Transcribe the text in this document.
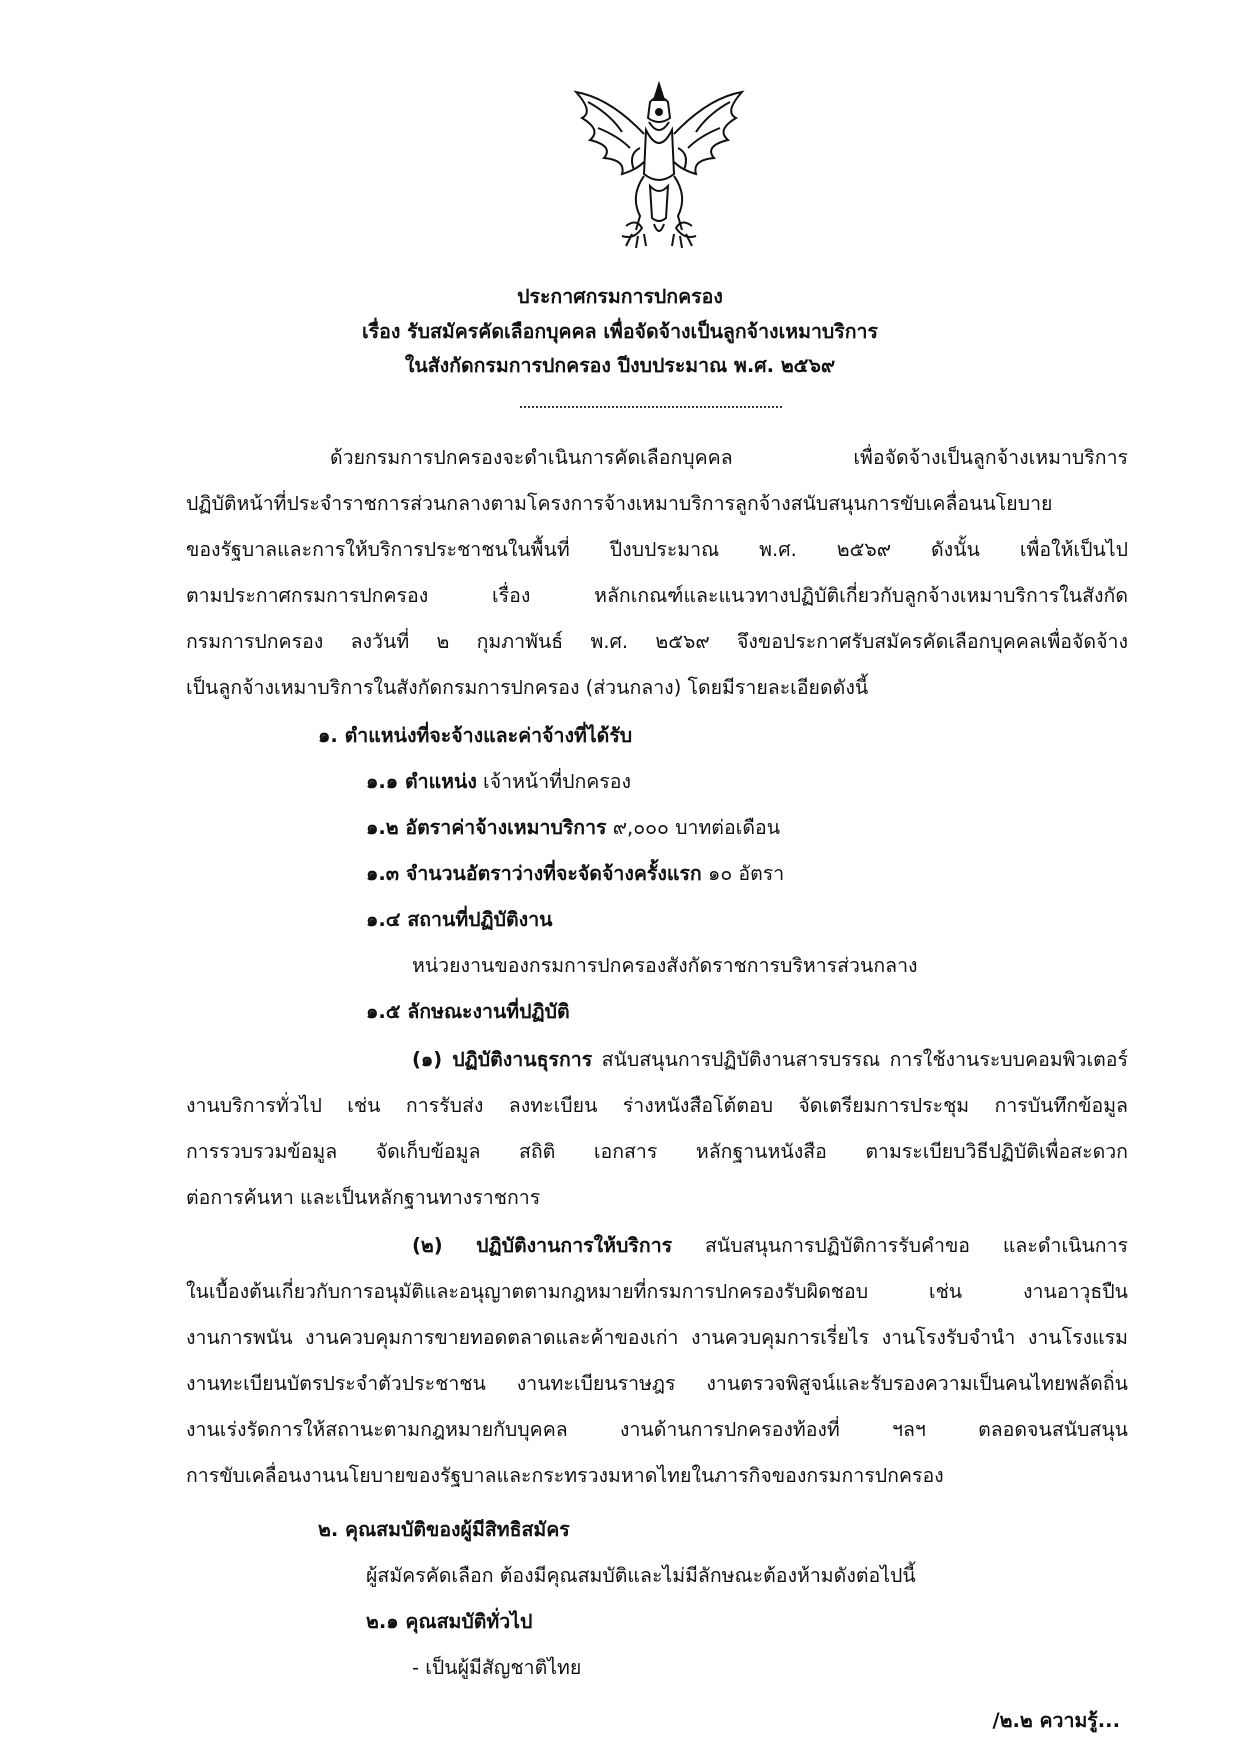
ประกาศกรมการปกครอง
เรื่อง รับสมัครคัดเลือกบุคคล เพื่อจัดจ้างเป็นลูกจ้างเหมาบริการ
ในสังกัดกรมการปกครอง ปีงบประมาณ พ.ศ. ๒๕๖๙
ด้วยกรมการปกครองจะดำเนินการคัดเลือกบุคคล เพื่อจัดจ้างเป็นลูกจ้างเหมาบริการ
ปฏิบัติหน้าที่ประจำราชการส่วนกลางตามโครงการจ้างเหมาบริการลูกจ้างสนับสนุนการขับเคลื่อนนโยบาย
ของรัฐบาลและการให้บริการประชาชนในพื้นที่ ปีงบประมาณ พ.ศ. ๒๕๖๙ ดังนั้น เพื่อให้เป็นไป
ตามประกาศกรมการปกครอง เรื่อง หลักเกณฑ์และแนวทางปฏิบัติเกี่ยวกับลูกจ้างเหมาบริการในสังกัด
กรมการปกครอง ลงวันที่ ๒ กุมภาพันธ์ พ.ศ. ๒๕๖๙ จึงขอประกาศรับสมัครคัดเลือกบุคคลเพื่อจัดจ้าง
เป็นลูกจ้างเหมาบริการในสังกัดกรมการปกครอง (ส่วนกลาง) โดยมีรายละเอียดดังนี้
๑. ตำแหน่งที่จะจ้างและค่าจ้างที่ได้รับ
๑.๑ ตำแหน่ง เจ้าหน้าที่ปกครอง
๑.๒ อัตราค่าจ้างเหมาบริการ ๙,๐๐๐ บาทต่อเดือน
๑.๓ จำนวนอัตราว่างที่จะจัดจ้างครั้งแรก ๑๐ อัตรา
๑.๔ สถานที่ปฏิบัติงาน
หน่วยงานของกรมการปกครองสังกัดราชการบริหารส่วนกลาง
๑.๕ ลักษณะงานที่ปฏิบัติ
(๑) ปฏิบัติงานธุรการ สนับสนุนการปฏิบัติงานสารบรรณ การใช้งานระบบคอมพิวเตอร์
งานบริการทั่วไป เช่น การรับส่ง ลงทะเบียน ร่างหนังสือโต้ตอบ จัดเตรียมการประชุม การบันทึกข้อมูล
การรวบรวมข้อมูล จัดเก็บข้อมูล สถิติ เอกสาร หลักฐานหนังสือ ตามระเบียบวิธีปฏิบัติเพื่อสะดวก
ต่อการค้นหา และเป็นหลักฐานทางราชการ
(๒) ปฏิบัติงานการให้บริการ สนับสนุนการปฏิบัติการรับคำขอ และดำเนินการ
ในเบื้องต้นเกี่ยวกับการอนุมัติและอนุญาตตามกฎหมายที่กรมการปกครองรับผิดชอบ เช่น งานอาวุธปืน
งานการพนัน งานควบคุมการขายทอดตลาดและค้าของเก่า งานควบคุมการเรี่ยไร งานโรงรับจำนำ งานโรงแรม
งานทะเบียนบัตรประจำตัวประชาชน งานทะเบียนราษฎร งานตรวจพิสูจน์และรับรองความเป็นคนไทยพลัดถิ่น
งานเร่งรัดการให้สถานะตามกฎหมายกับบุคคล งานด้านการปกครองท้องที่ ฯลฯ ตลอดจนสนับสนุน
การขับเคลื่อนงานนโยบายของรัฐบาลและกระทรวงมหาดไทยในภารกิจของกรมการปกครอง
๒. คุณสมบัติของผู้มีสิทธิสมัคร
ผู้สมัครคัดเลือก ต้องมีคุณสมบัติและไม่มีลักษณะต้องห้ามดังต่อไปนี้
๒.๑ คุณสมบัติทั่วไป
- เป็นผู้มีสัญชาติไทย
/๒.๒ ความรู้...
